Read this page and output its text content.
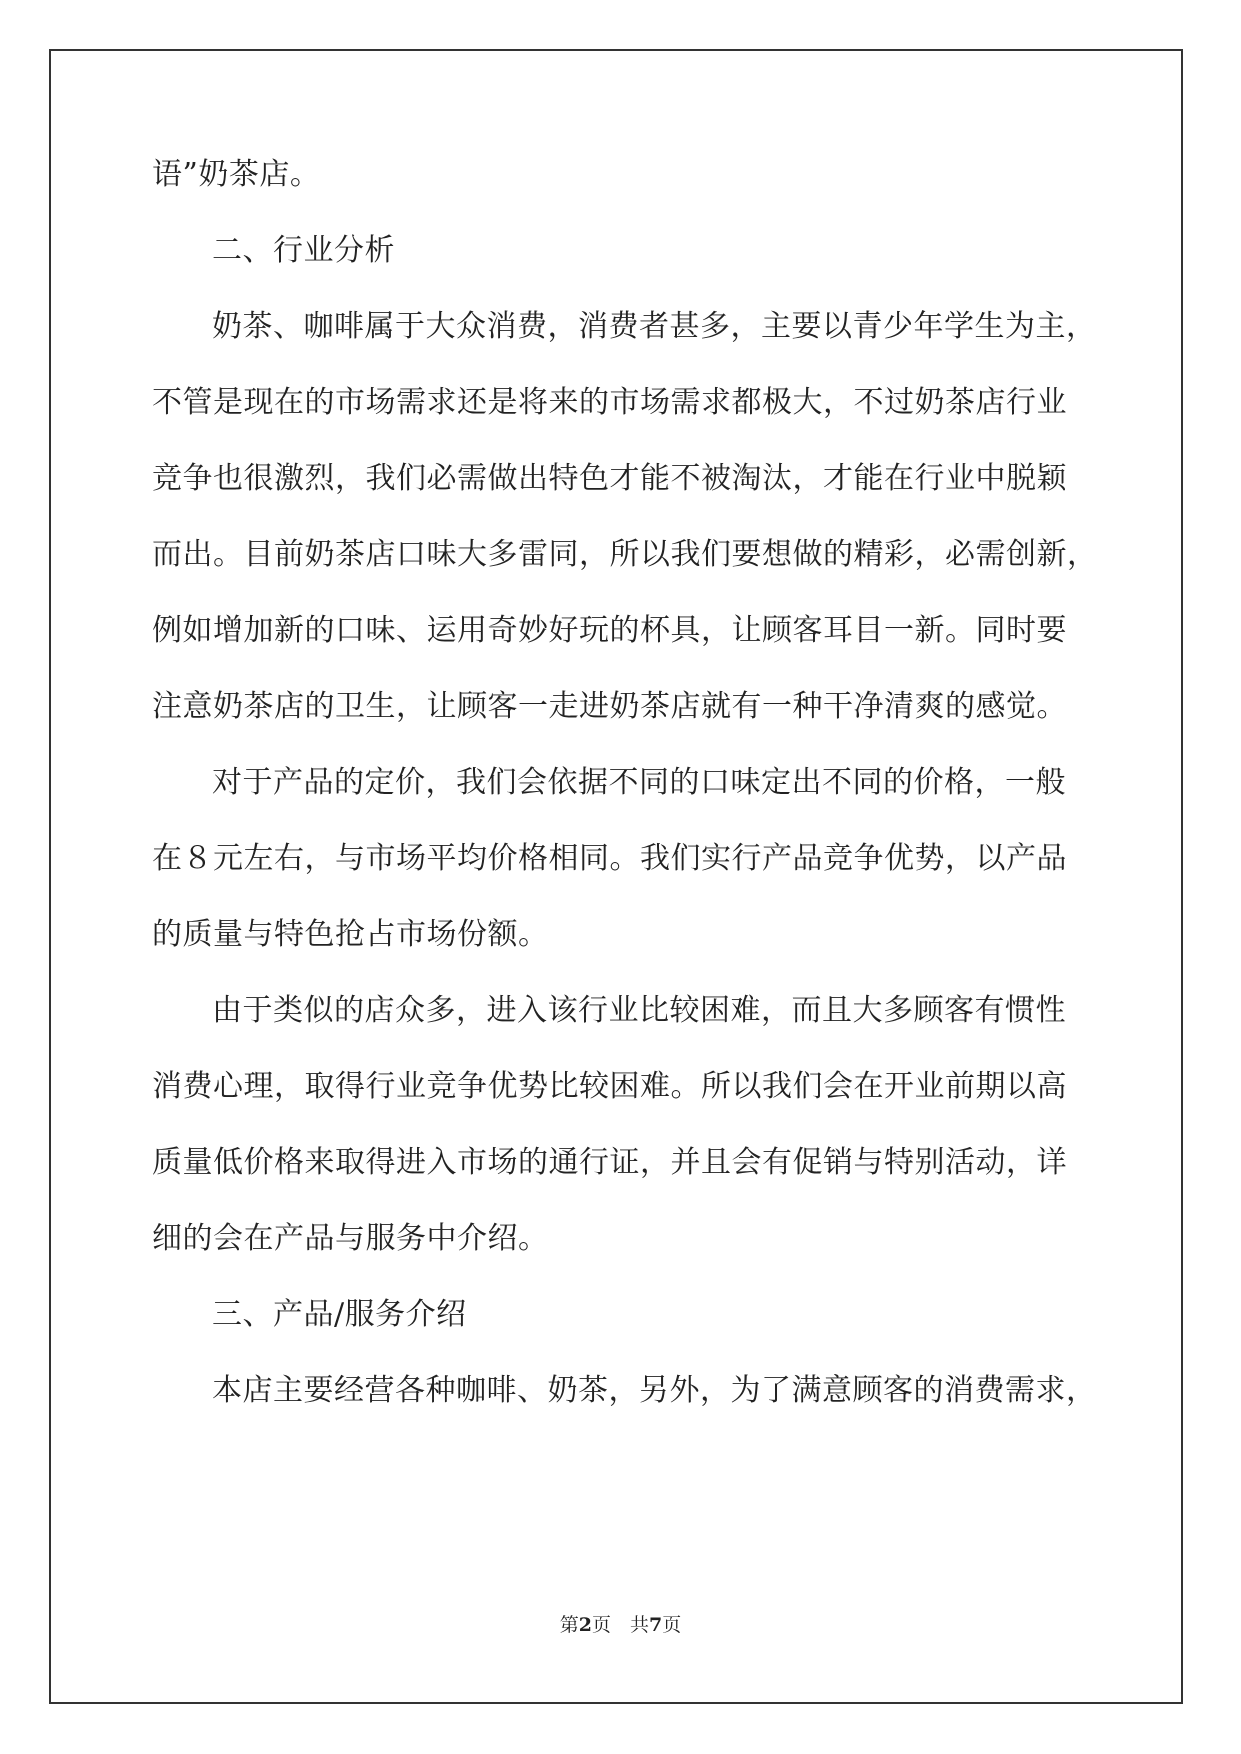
语”奶茶店。
二、行业分析
奶茶、咖啡属于大众消费，消费者甚多，主要以青少年学生为主，
不管是现在的市场需求还是将来的市场需求都极大，不过奶茶店行业
竞争也很激烈，我们必需做出特色才能不被淘汰，才能在行业中脱颖
而出。目前奶茶店口味大多雷同，所以我们要想做的精彩，必需创新，
例如增加新的口味、运用奇妙好玩的杯具，让顾客耳目一新。同时要
注意奶茶店的卫生，让顾客一走进奶茶店就有一种干净清爽的感觉。
对于产品的定价，我们会依据不同的口味定出不同的价格，一般
在８元左右，与市场平均价格相同。我们实行产品竞争优势，以产品
的质量与特色抢占市场份额。
由于类似的店众多，进入该行业比较困难，而且大多顾客有惯性
消费心理，取得行业竞争优势比较困难。所以我们会在开业前期以高
质量低价格来取得进入市场的通行证，并且会有促销与特别活动，详
细的会在产品与服务中介绍。
三、产品/服务介绍
本店主要经营各种咖啡、奶茶，另外，为了满意顾客的消费需求，
第2页　共7页
